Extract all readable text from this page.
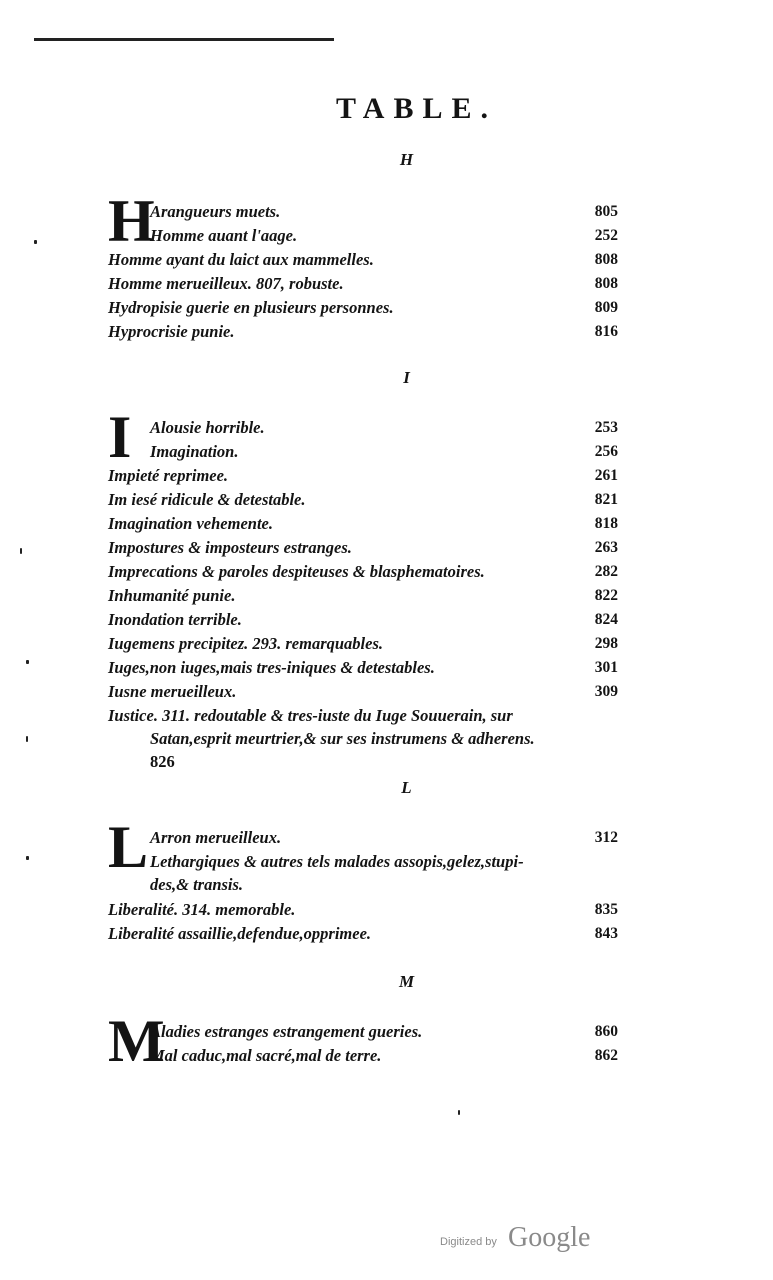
TABLE.
H
H
Arangueurs muets.	805
Homme auant l'aage.	252
Homme ayant du laict aux mammelles.	808
Homme merueilleux. 807, robuste.	808
Hydropisie guerie en plusieurs personnes.	809
Hyprocrisie punie.	816
I
I Alousie horrible.	253
Imagination.	256
Impieté reprimee.	261
Im iesé ridicule & detestable.	821
Imagination vehemente.	818
Impostures & imposteurs estranges.	263
Imprecations & paroles despiteuses & blasphematoires.	282
Inhumanité punie.	822
Inondation terrible.	824
Iugemens precipitez. 293. remarquables.	298
Iuges,non iuges,mais tres-iniques & detestables.	301
Iusne merueilleux.	309
Iustice. 311. redoutable & tres-iuste du Iuge Souuerain, sur
Satan,esprit meurtrier,& sur ses instrumens & adherens.
826
L
L Arron merueilleux.	312
Lethargiques & autres tels malades assopis,gelez,stupi-
des,& transis.
Liberalité. 314. memorable.	835
Liberalité assaillie,defendue,opprimee.	843
M
M
Aladies estranges estrangement gueries.	860
Mal caduc,mal sacré,mal de terre.	862
Digitized by Google
